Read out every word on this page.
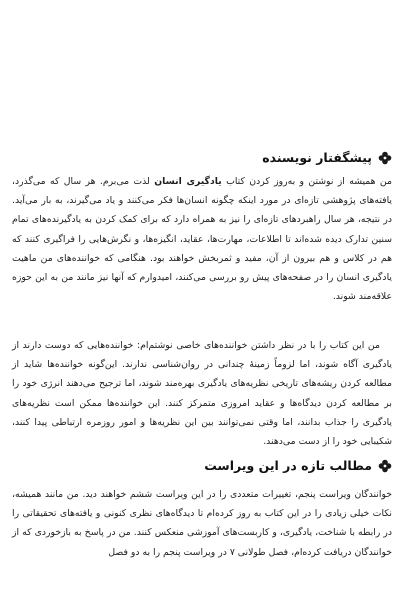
پیشگفتار نویسنده

من همیشه از نوشتن و به‌روز کردن کتاب یادگیری انسان لذت می‌برم. هر سال که می‌گذرد، یافته‌های پژوهشی تازه‌ای در مورد اینکه چگونه انسان‌ها فکر می‌کنند و یاد می‌گیرند، به بار می‌آید. در نتیجه، هر سال راهبردهای تازه‌ای را نیز به همراه دارد که برای کمک کردن به یادگیرنده‌های تمام سنین تدارک دیده شده‌اند تا اطلاعات، مهارت‌ها، عقاید، انگیزه‌ها، و نگرش‌هایی را فراگیری کنند که هم در کلاس و هم بیرون از آن، مفید و ثمربخش خواهند بود. هنگامی که خواننده‌های من ماهیت یادگیری انسان را در صفحه‌های پیش رو بررسی می‌کنند، امیدوارم که آنها نیز مانند من به این حوزه علاقه‌مند شوند.

من این کتاب را با در نظر داشتن خواننده‌های خاصی نوشتم‌ام: خواننده‌هایی که دوست دارند از یادگیری آگاه شوند، اما لزوماً زمینهٔ چندانی در روان‌شناسی ندارند. این‌گونه خواننده‌ها شاید از مطالعه کردن ریشه‌های تاریخی نظریه‌های یادگیری بهره‌مند شوند، اما ترجیح می‌دهند انرژی خود را بر مطالعه کردن دیدگاه‌ها و عقاید امروزی متمرکز کنند. این خواننده‌ها ممکن است نظریه‌های یادگیری را جذاب بدانند، اما وقتی نمی‌توانند بین این نظریه‌ها و امور روزمره ارتباطی پیدا کنند، شکیبایی خود را از دست می‌دهند.

مطالب تازه در این ویراست

خوانندگان ویراست پنجم، تغییرات متعددی را در این ویراست ششم خواهند دید. من مانند همیشه، نکات خیلی زیادی را در این کتاب به روز کرده‌ام تا دیدگاه‌های نظری کنونی و یافته‌های تحقیقاتی را در رابطه با شناخت، یادگیری، و کاربست‌های آموزشی منعکس کنند. من در پاسخ به بازخوردی که از خوانندگان دریافت کرده‌ام، فصل طولانی ۷ در ویراست پنجم را به دو فصل
